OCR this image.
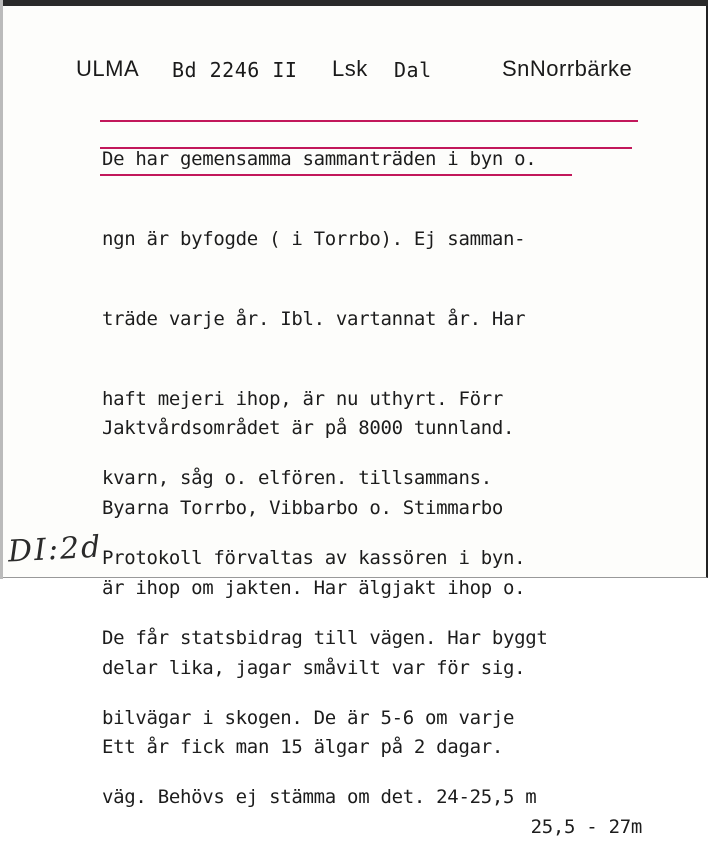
ULMA Bd 2246 II Lsk Dal	SnNorrbärke

De har gemensamma sammanträden i byn o.

ngn är byfogde ( i Torrbo). Ej samman-

träde varje år. Ibl. vartannat år. Har

haft mejeri ihop, är nu uthyrt. Förr

kvarn, såg o. elfören. tillsammans.

Protokoll förvaltas av kassören i byn.

De får statsbidrag till vägen. Har byggt

bilvägar i skogen. De är 5-6 om varje

väg. Behövs ej stämma om det. 24-25,5 m

Jaktvårdsområdet är på 8000 tunnland.

Byarna Torrbo, Vibbarbo o. Stimmarbo

är ihop om jakten. Har älgjakt ihop o.

delar lika, jagar småvilt var för sig.

Ett år fick man 15 älgar på 2 dagar.

25,5 - 27m

DI:2d
